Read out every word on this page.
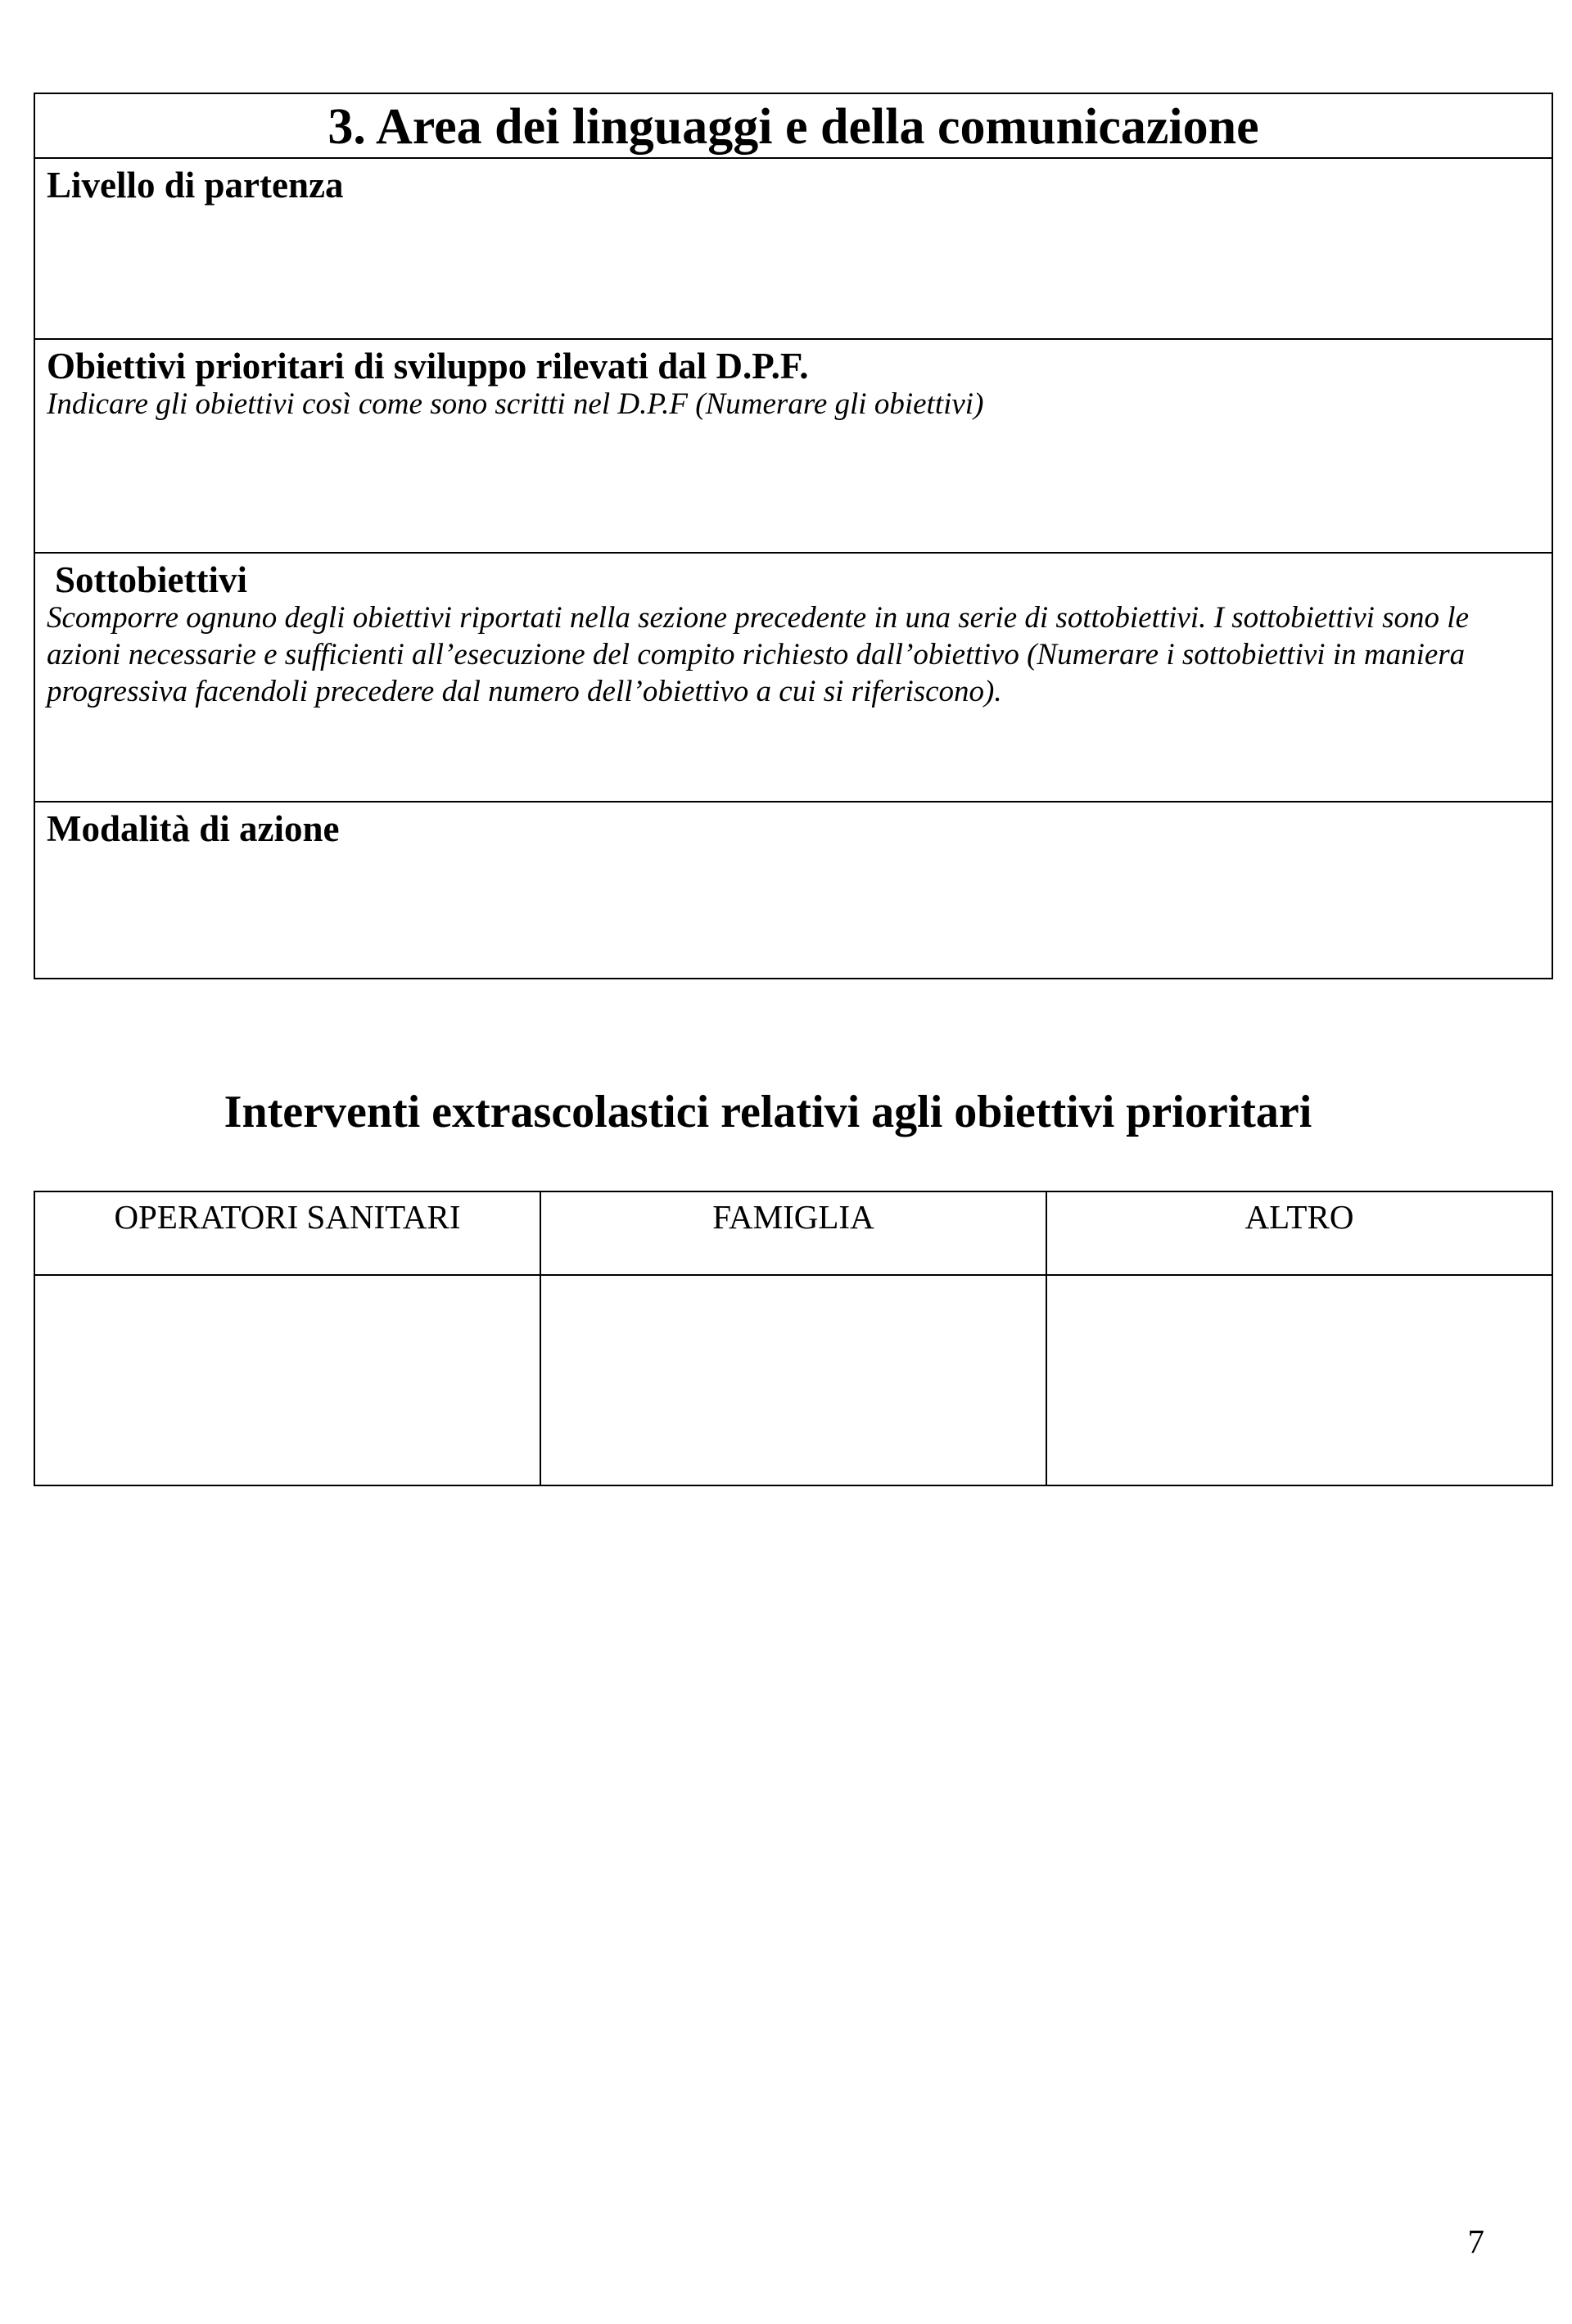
3. Area dei linguaggi e della comunicazione

Livello di partenza

Obiettivi prioritari di sviluppo rilevati dal D.P.F.

Indicare gli obiettivi così come sono scritti nel D.P.F (Numerare gli obiettivi)

Sottobiettivi

Scomporre ognuno degli obiettivi riportati nella sezione precedente in una serie di sottobiettivi. I sottobiettivi sono le azioni necessarie e sufficienti all’esecuzione del compito richiesto dall’obiettivo (Numerare i sottobiettivi in maniera progressiva facendoli precedere dal numero dell’obiettivo a cui si riferiscono).

Modalità di azione

Interventi extrascolastici relativi agli obiettivi prioritari
OPERATORI SANITARI	FAMIGLIA	ALTRO

7
